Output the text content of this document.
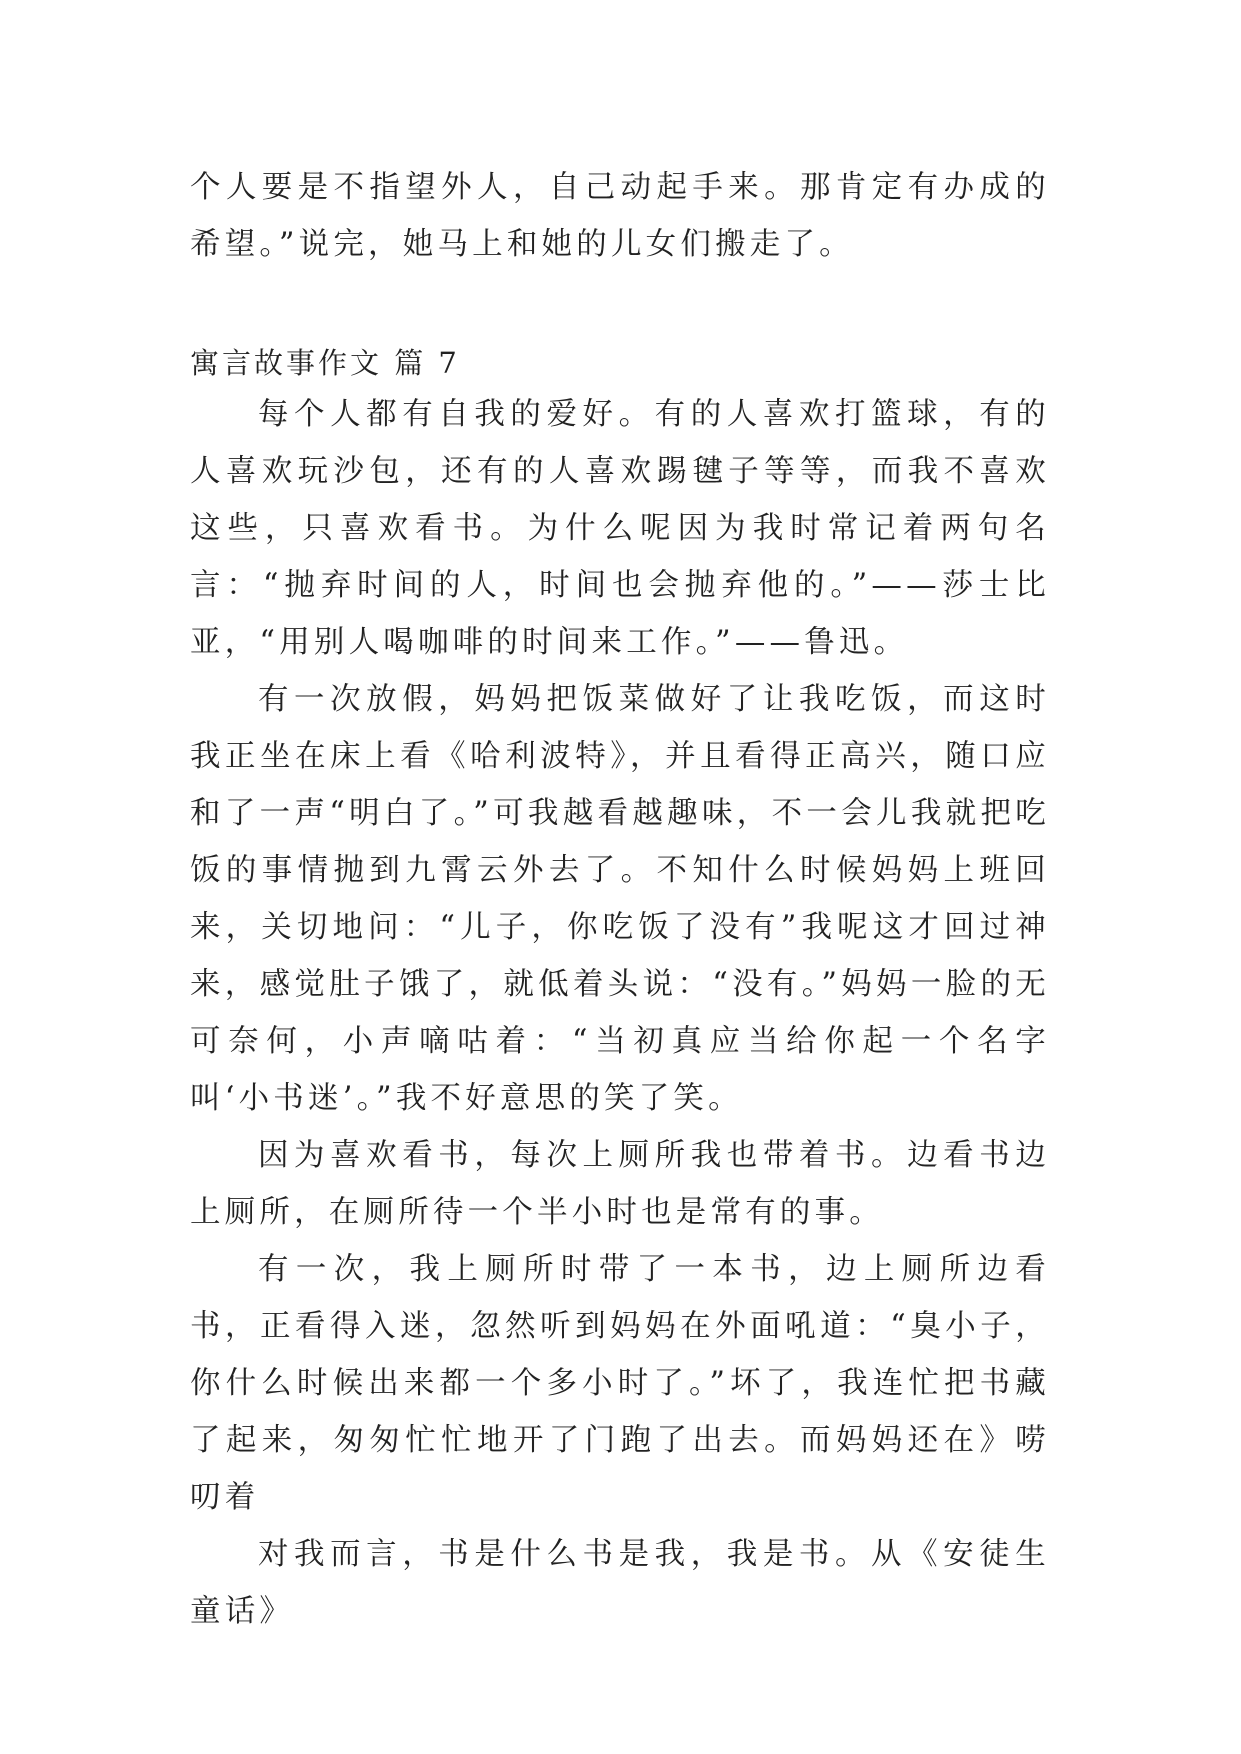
个人要是不指望外人，自己动起手来。那肯定有办成的希望。”说完，她马上和她的儿女们搬走了。

寓言故事作文 篇 7

每个人都有自我的爱好。有的人喜欢打篮球，有的人喜欢玩沙包，还有的人喜欢踢毽子等等，而我不喜欢这些，只喜欢看书。为什么呢因为我时常记着两句名言：“抛弃时间的人，时间也会抛弃他的。”——莎士比亚，“用别人喝咖啡的时间来工作。”——鲁迅。

有一次放假，妈妈把饭菜做好了让我吃饭，而这时我正坐在床上看《哈利波特》，并且看得正高兴，随口应和了一声“明白了。”可我越看越趣味，不一会儿我就把吃饭的事情抛到九霄云外去了。不知什么时候妈妈上班回来，关切地问：“儿子，你吃饭了没有”我呢这才回过神来，感觉肚子饿了，就低着头说：“没有。”妈妈一脸的无可奈何，小声嘀咕着：“当初真应当给你起一个名字叫‘小书迷’。”我不好意思的笑了笑。

因为喜欢看书，每次上厕所我也带着书。边看书边上厕所，在厕所待一个半小时也是常有的事。

有一次，我上厕所时带了一本书，边上厕所边看书，正看得入迷，忽然听到妈妈在外面吼道：“臭小子，你什么时候出来都一个多小时了。”坏了，我连忙把书藏了起来，匆匆忙忙地开了门跑了出去。而妈妈还在》唠叨着

对我而言，书是什么书是我，我是书。从《安徒生童话》
